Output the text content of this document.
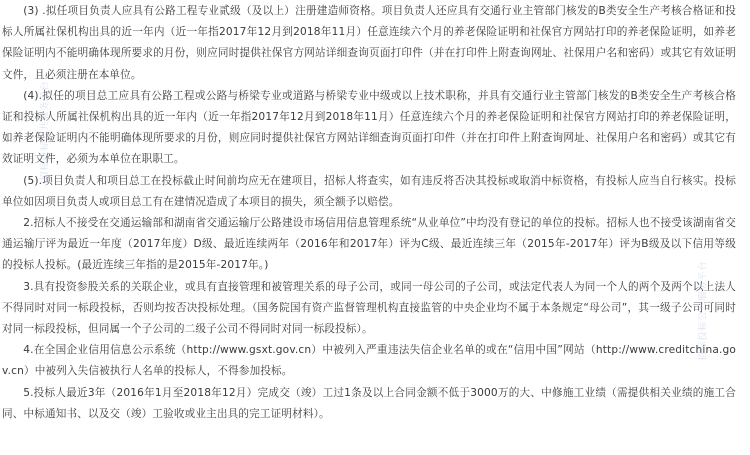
(3) .拟任项目负责人应具有公路工程专业贰级（及以上）注册建造师资格。项目负责人还应具有交通行业主管部门核发的B类安全生产考核合格证和投标人所属社保机构出具的近一年内（近一年指2017年12月到2018年11月）任意连续六个月的养老保险证明和社保官方网站打印的养老保险证明，如养老保险证明内不能明确体现所要求的月份，则应同时提供社保官方网站详细查询页面打印件（并在打印件上附查询网址、社保用户名和密码）或其它有效证明文件，且必须注册在本单位。

(4).拟任的项目总工应具有公路工程或公路与桥梁专业或道路与桥梁专业中级或以上技术职称，并具有交通行业主管部门核发的B类安全生产考核合格证和投标人所属社保机构出具的近一年内（近一年指2017年12月到2018年11月）任意连续六个月的养老保险证明和社保官方网站打印的养老保险证明，如养老保险证明内不能明确体现所要求的月份，则应同时提供社保官方网站详细查询页面打印件（并在打印件上附查询网址、社保用户名和密码）或其它有效证明文件，必须为本单位在职职工。

(5).项目负责人和项目总工在投标截止时间前均应无在建项目，招标人将查实，如有违反将否决其投标或取消中标资格，有投标人应当自行核实。投标单位如因项目负责人或项目总工有在建情况造成了本项目的损失，须全额予以赔偿。

2.招标人不接受在交通运输部和湖南省交通运输厅公路建设市场信用信息管理系统“从业单位”中均没有登记的单位的投标。招标人也不接受该湖南省交通运输厅评为最近一年度（2017年度）D级、最近连续两年（2016年和2017年）评为C级、最近连续三年（2015年-2017年）评为B级及以下信用等级的投标人投标。(最近连续三年指的是2015年-2017年。)

3.具有投资参股关系的关联企业，或具有直接管理和被管理关系的母子公司，或同一母公司的子公司，或法定代表人为同一个人的两个及两个以上法人不得同时对同一标段投标，否则均按否决投标处理。（国务院国有资产监督管理机构直接监管的中央企业均不属于本条规定“母公司”，其一级子公司可同时对同一标段投标，但同属一个子公司的二级子公司不得同时对同一标段投标）。

4.在全国企业信用信息公示系统（http://www.gsxt.gov.cn）中被列入严重违法失信企业名单的或在“信用中国”网站（http://www.creditchina.gov.cn）中被列入失信被执行人名单的投标人，不得参加投标。

5.投标人最近3年（2016年1月至2018年12月）完成交（竣）工过1条及以上合同金额不低于3000万的大、中修施工业绩（需提供相关业绩的施工合同、中标通知书、以及交（竣）工验收或业主出具的完工证明材料）。

招标投标公共服务平台
招标投标公共服务平台
